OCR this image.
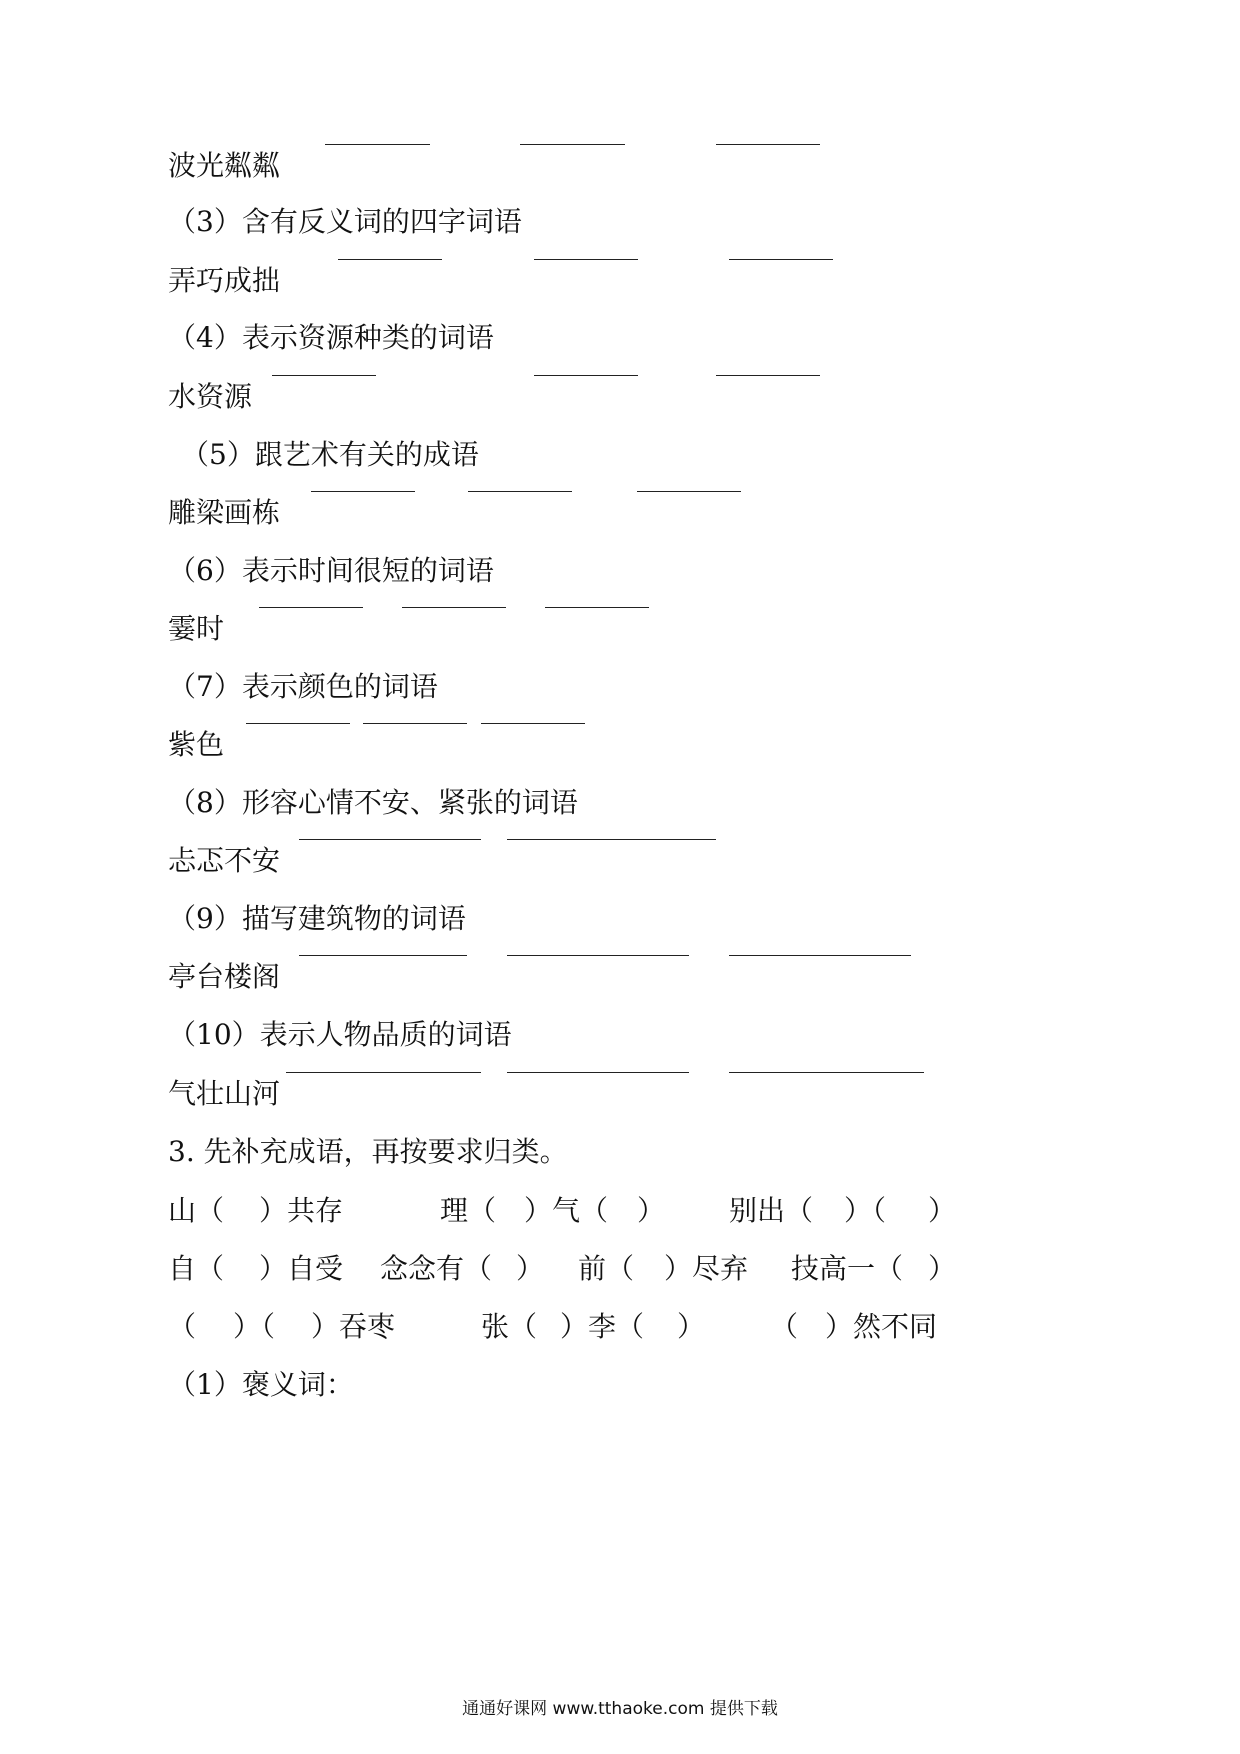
波光粼粼
（3）含有反义词的四字词语
弄巧成拙
（4）表示资源种类的词语
水资源
（5）跟艺术有关的成语
雕梁画栋
（6）表示时间很短的词语
霎时
（7）表示颜色的词语
紫色
（8）形容心情不安、紧张的词语
忐忑不安
（9）描写建筑物的词语
亭台楼阁
（10）表示人物品质的词语
气壮山河
3. 先补充成语，再按要求归类。
山（ ）共存	理（ ）气（ ） 别出（ ）（ ）
自（ ）自受 念念有（ ） 前（ ）尽弃 技高一（ ）
（ ）（ ）吞枣	张（ ）李（ ） （ ）然不同
（1）褒义词：
通通好课网 www.tthaoke.com 提供下载
